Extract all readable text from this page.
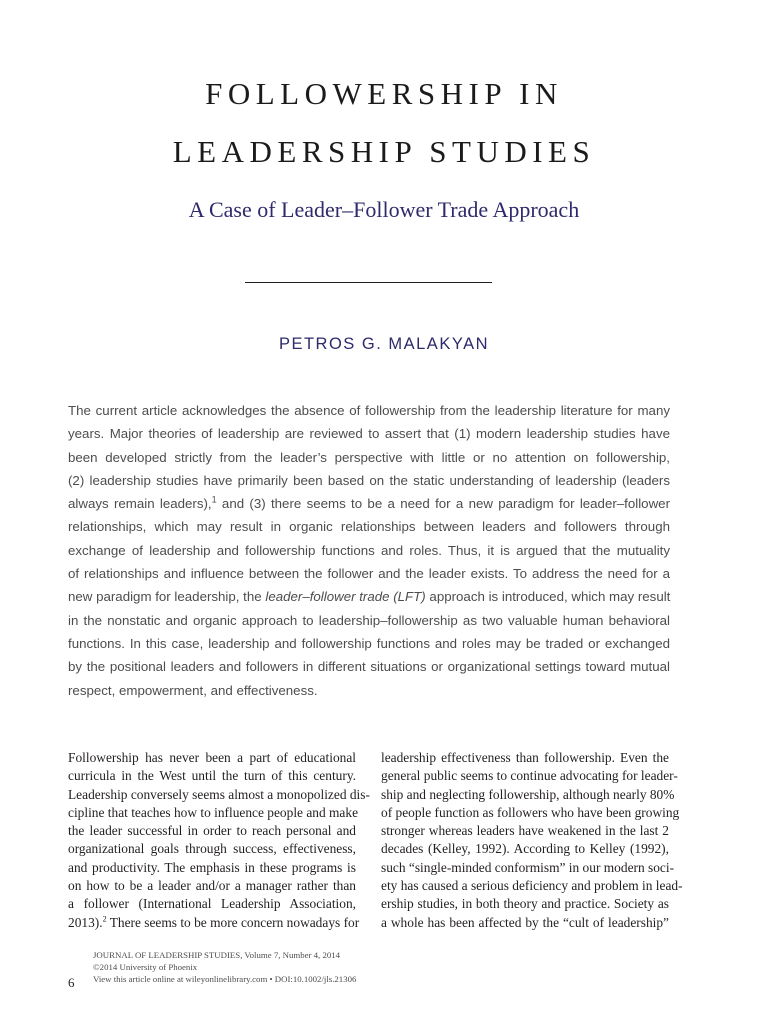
FOLLOWERSHIP IN
LEADERSHIP STUDIES
A Case of Leader–Follower Trade Approach
PETROS G. MALAKYAN
The current article acknowledges the absence of followership from the leadership literature for many
years. Major theories of leadership are reviewed to assert that (1) modern leadership studies have
been developed strictly from the leader’s perspective with little or no attention on followership,
(2) leadership studies have primarily been based on the static understanding of leadership (leaders
always remain leaders),$^1$ and (3) there seems to be a need for a new paradigm for leader–follower
relationships, which may result in organic relationships between leaders and followers through
exchange of leadership and followership functions and roles. Thus, it is argued that the mutuality
of relationships and influence between the follower and the leader exists. To address the need for a
new paradigm for leadership, the leader–follower trade (LFT) approach is introduced, which may result
in the nonstatic and organic approach to leadership–followership as two valuable human behavioral
functions. In this case, leadership and followership functions and roles may be traded or exchanged
by the positional leaders and followers in different situations or organizational settings toward mutual
respect, empowerment, and effectiveness.
Followership has never been a part of educational
curricula in the West until the turn of this century.
Leadership conversely seems almost a monopolized dis-
cipline that teaches how to influence people and make
the leader successful in order to reach personal and
organizational goals through success, effectiveness,
and productivity. The emphasis in these programs is
on how to be a leader and/or a manager rather than
a follower (International Leadership Association,
2013).$^2$ There seems to be more concern nowadays for
leadership effectiveness than followership. Even the
general public seems to continue advocating for leader-
ship and neglecting followership, although nearly 80%
of people function as followers who have been growing
stronger whereas leaders have weakened in the last 2
decades (Kelley, 1992). According to Kelley (1992),
such “single-minded conformism” in our modern soci-
ety has caused a serious deficiency and problem in lead-
ership studies, in both theory and practice. Society as
a whole has been affected by the “cult of leadership”
6
JOURNAL OF LEADERSHIP STUDIES, Volume 7, Number 4, 2014
©2014 University of Phoenix
View this article online at wileyonlinelibrary.com • DOI:10.1002/jls.21306
